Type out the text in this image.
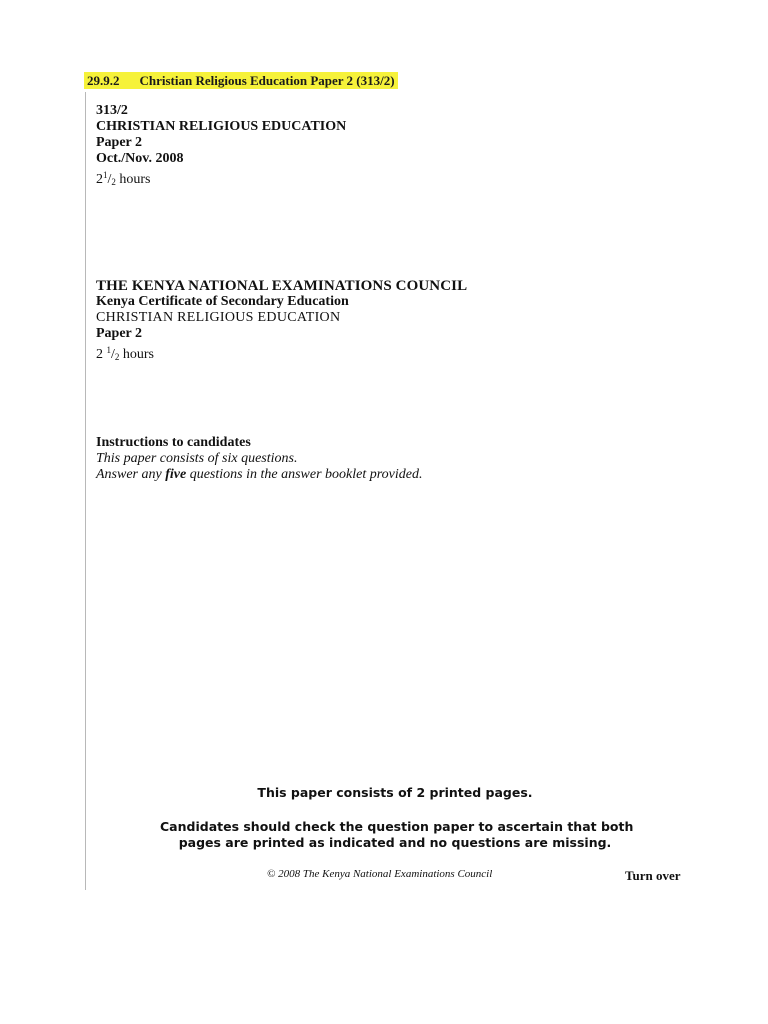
29.9.2 Christian Religious Education Paper 2 (313/2)
313/2
CHRISTIAN RELIGIOUS EDUCATION
Paper 2
Oct./Nov. 2008
$2^1/_2$ hours
THE KENYA NATIONAL EXAMINATIONS COUNCIL
Kenya Certificate of Secondary Education
CHRISTIAN RELIGIOUS EDUCATION
Paper 2
2 $^1/_2$ hours
Instructions to candidates
This paper consists of six questions.
Answer any five questions in the answer booklet provided.
This paper consists of 2 printed pages.
Candidates should check the question paper to ascertain that both
pages are printed as indicated and no questions are missing.
© 2008 The Kenya National Examinations Council	Turn over
